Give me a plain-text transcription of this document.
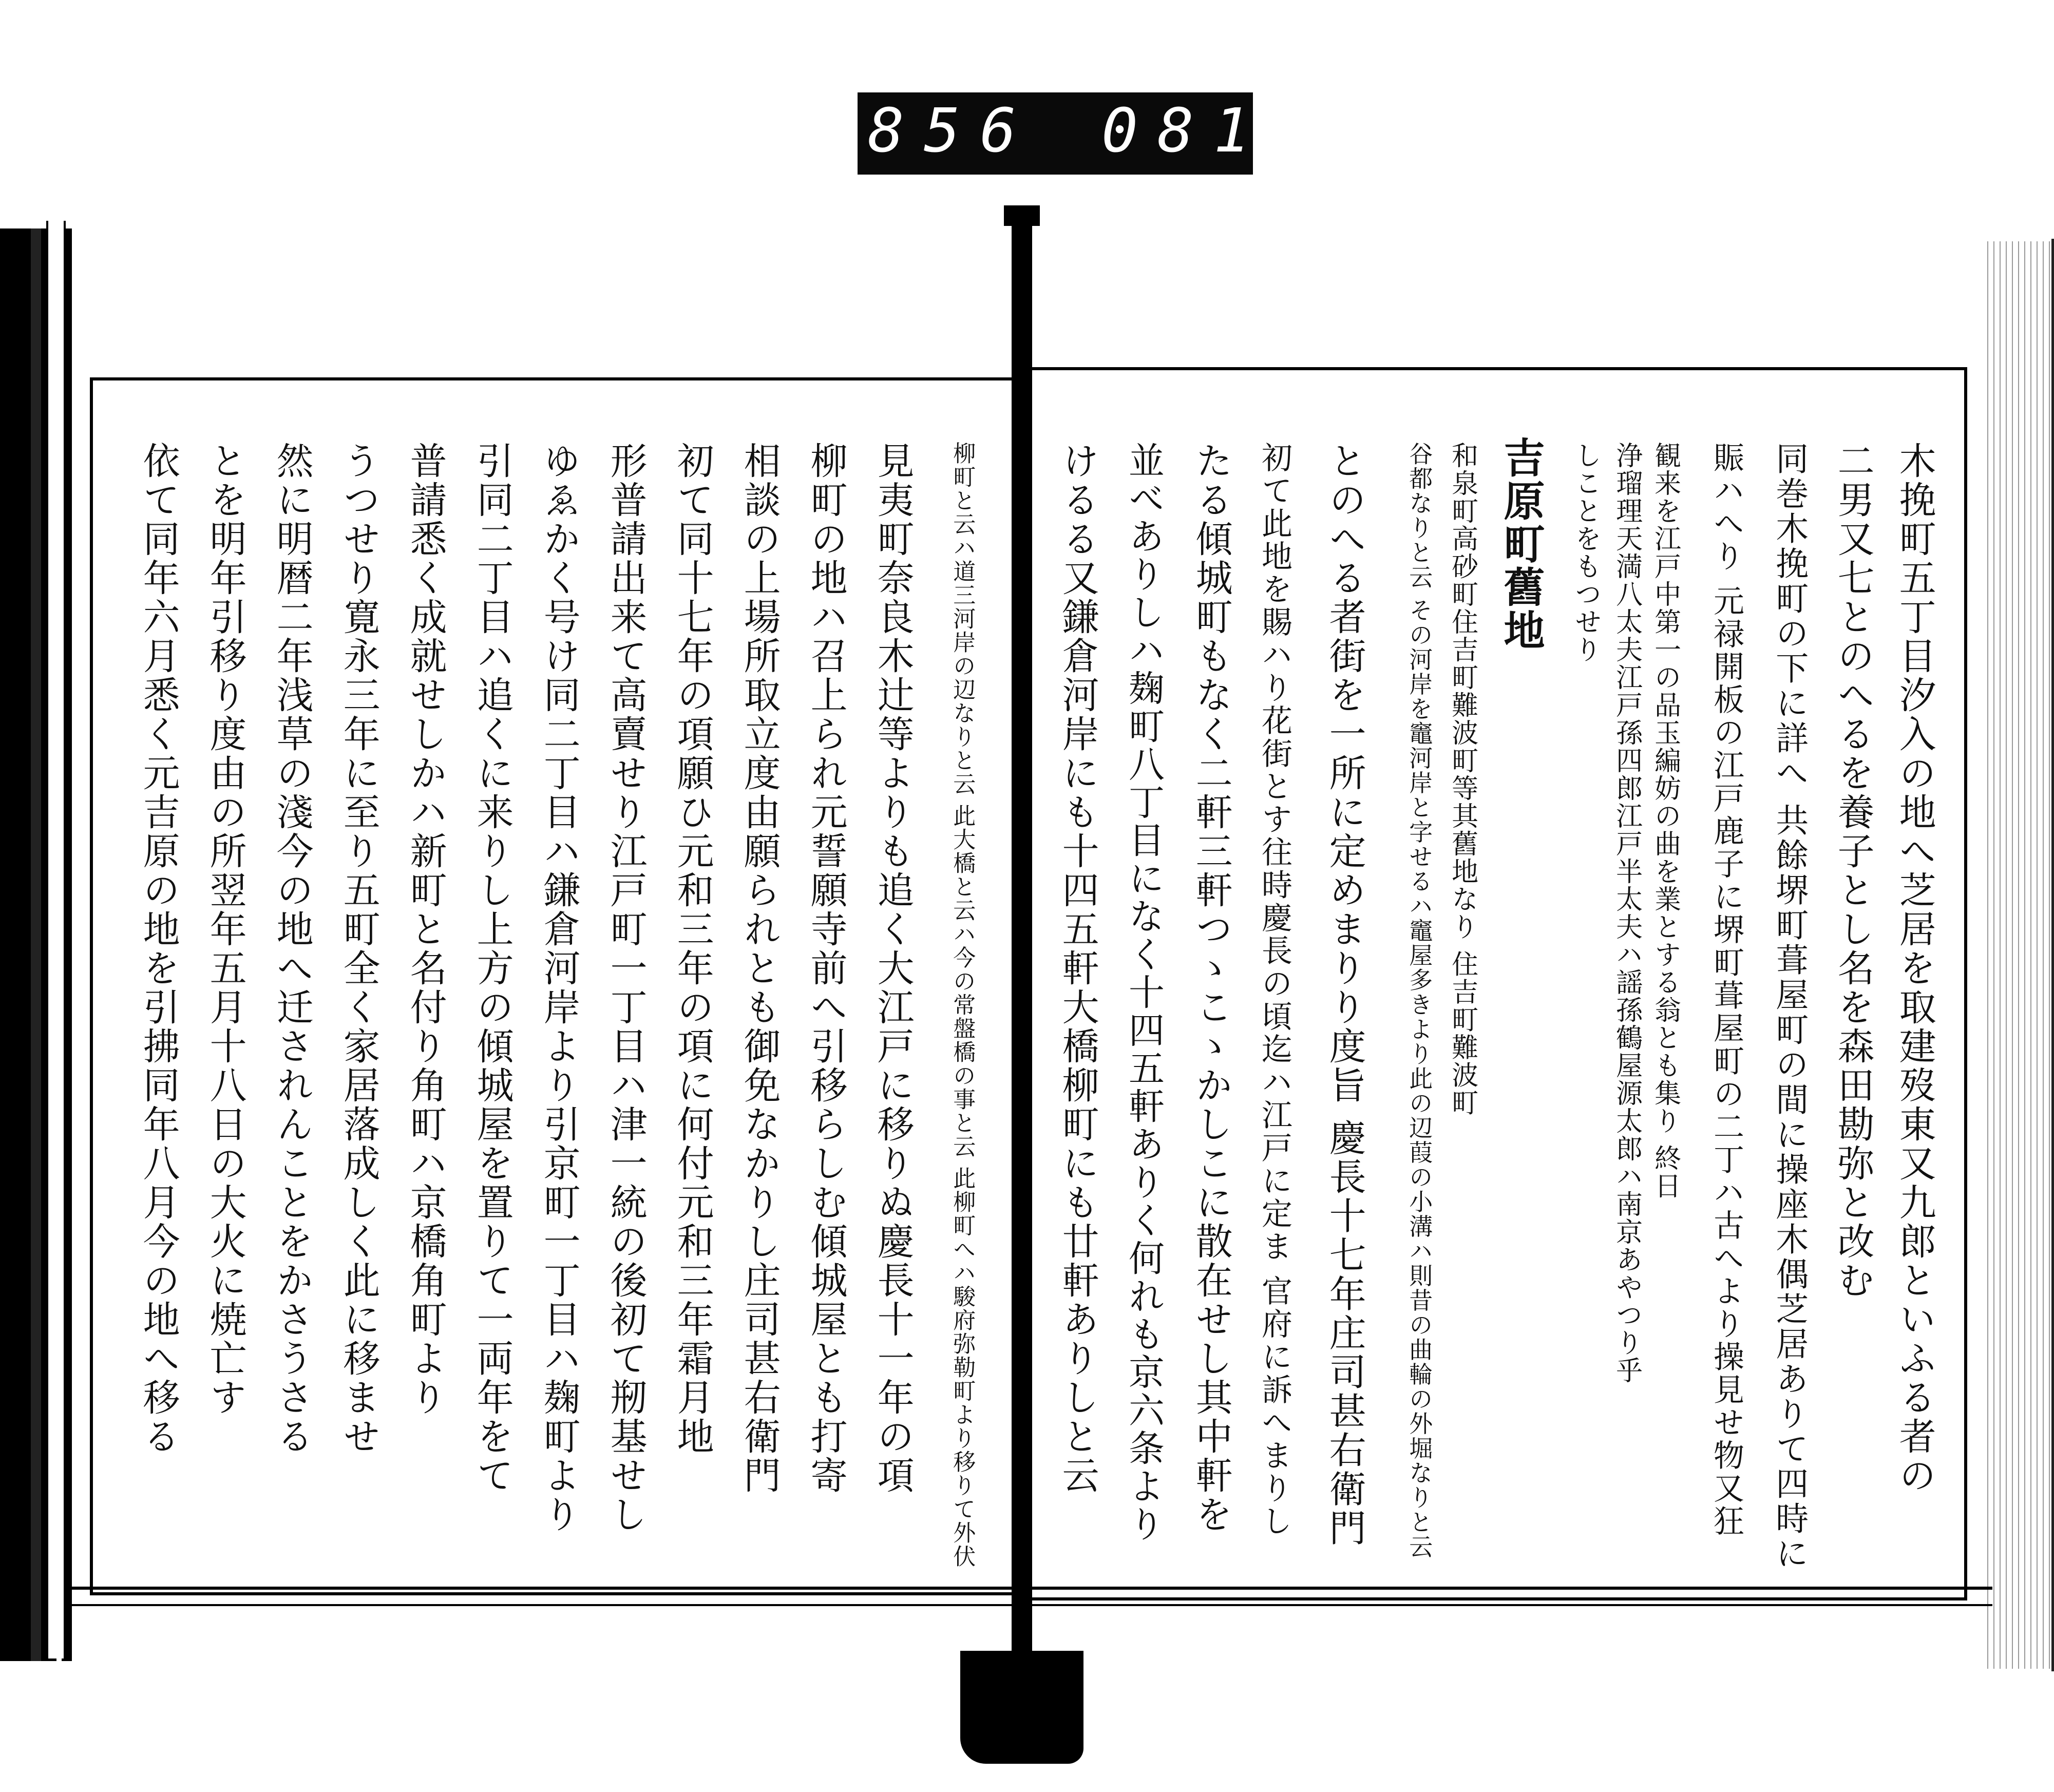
856 081.
木挽町五丁目汐入の地へ芝居を取建歿東又九郎といふる者の
二男又七とのへるを養子とし名を森田勘弥と改む
同巻木挽町の下に詳へ 共餘堺町葺屋町の間に操座木偶芝居ありて四時に
賑ハへり 元禄開板の江戸鹿子に堺町葺屋町の二丁ハ古へより操見せ物又狂
観来を江戸中第一の品玉編妨の曲を業とする翁とも集り 終日
浄瑠理天満八太夫江戸孫四郎江戸半太夫ハ謡孫鶴屋源太郎ハ南京あやつり乎
しことをもつせり
吉原町舊地
和泉町高砂町住吉町難波町等其舊地なり 住吉町難波町
谷都なりと云 その河岸を竈河岸と字せるハ竈屋多きより此の辺葭の小溝ハ則昔の曲輪の外堀なりと云
とのへる者街を一所に定めまりり度旨 慶長十七年庄司甚右衛門
初て此地を賜ハり花街とす往時慶長の頃迄ハ江戸に定ま 官府に訴へまりし
たる傾城町もなく二軒三軒つゝこゝかしこに散在せし其中軒を
並べありしハ麹町八丁目になく十四五軒ありく何れも京六条より
けるる又鎌倉河岸にも十四五軒大橋柳町にも廿軒ありしと云
柳町と云ハ道三河岸の辺なりと云 此大橋と云ハ今の常盤橋の事と云 此柳町へハ駿府弥勒町より移りて外伏
見夷町奈良木辻等よりも追く大江戸に移りぬ慶長十一年の項
柳町の地ハ召上られ元誓願寺前へ引移らしむ傾城屋とも打寄
相談の上場所取立度由願られとも御免なかりし庄司甚右衛門
初て同十七年の項願ひ元和三年の項に何付元和三年霜月地
形普請出来て高賣せり江戸町一丁目ハ津一統の後初て剏基せし
ゆゑかく号け同二丁目ハ鎌倉河岸より引京町一丁目ハ麹町より
引同二丁目ハ追くに来りし上方の傾城屋を置りて一両年をて
普請悉く成就せしかハ新町と名付り角町ハ京橋角町より
うつせり寛永三年に至り五町全く家居落成しく此に移ませ
然に明暦二年浅草の淺今の地へ迁されんことをかさうさる
とを明年引移り度由の所翌年五月十八日の大火に焼亡す
依て同年六月悉く元吉原の地を引拂同年八月今の地へ移る
